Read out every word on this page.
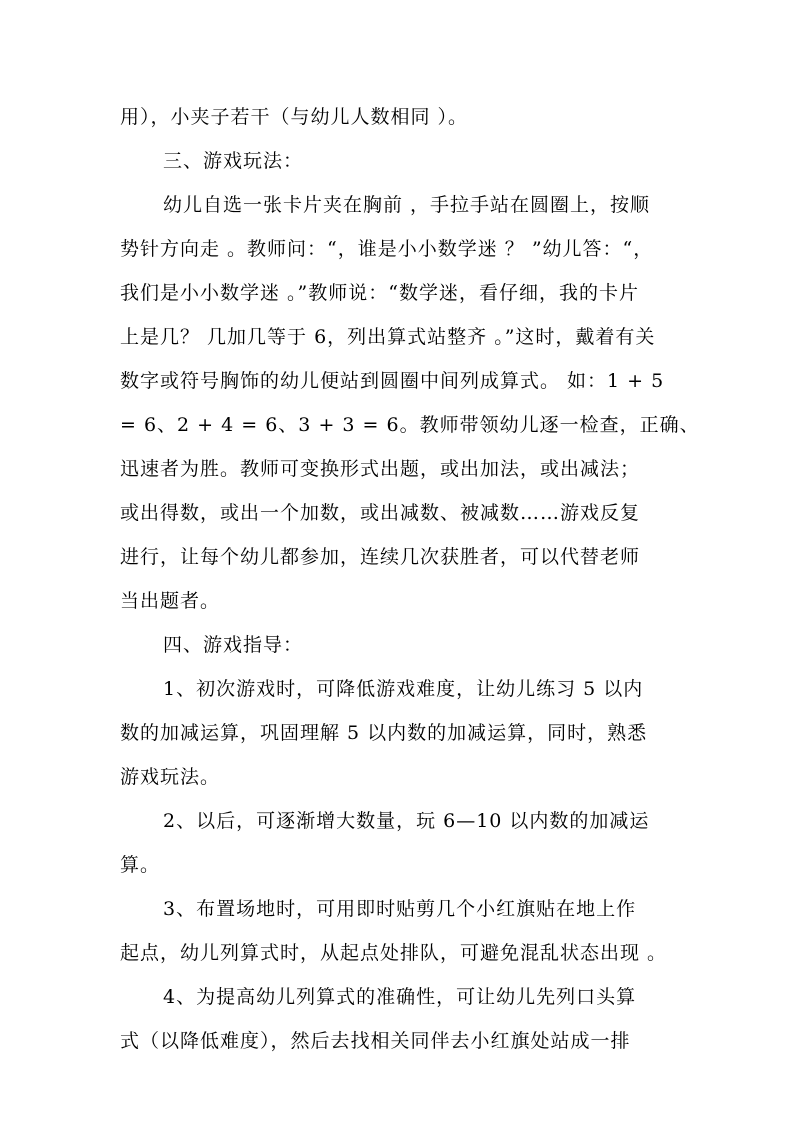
用），小夹子若干（与幼儿人数相同 ）。
三、游戏玩法：
幼儿自选一张卡片夹在胸前 ，手拉手站在圆圈上，按顺
势针方向走 。教师问：“，谁是小小数学迷 ？ ”幼儿答：“，
我们是小小数学迷 。”教师说：“数学迷，看仔细，我的卡片
上是几？ 几加几等于 6，列出算式站整齐 。”这时，戴着有关
数字或符号胸饰的幼儿便站到圆圈中间列成算式。 如：1 + 5
= 6、2 + 4 = 6、3 + 3 = 6。教师带领幼儿逐一检查，正确、
迅速者为胜。教师可变换形式出题，或出加法，或出减法；
或出得数，或出一个加数，或出减数、被减数……游戏反复
进行，让每个幼儿都参加，连续几次获胜者，可以代替老师
当出题者。
四、游戏指导：
1、初次游戏时，可降低游戏难度，让幼儿练习 5 以内
数的加减运算，巩固理解 5 以内数的加减运算，同时，熟悉
游戏玩法。
2、以后，可逐渐增大数量，玩 6—10 以内数的加减运
算。
3、布置场地时，可用即时贴剪几个小红旗贴在地上作
起点，幼儿列算式时，从起点处排队，可避免混乱状态出现 。
4、为提高幼儿列算式的准确性，可让幼儿先列口头算
式（以降低难度），然后去找相关同伴去小红旗处站成一排
